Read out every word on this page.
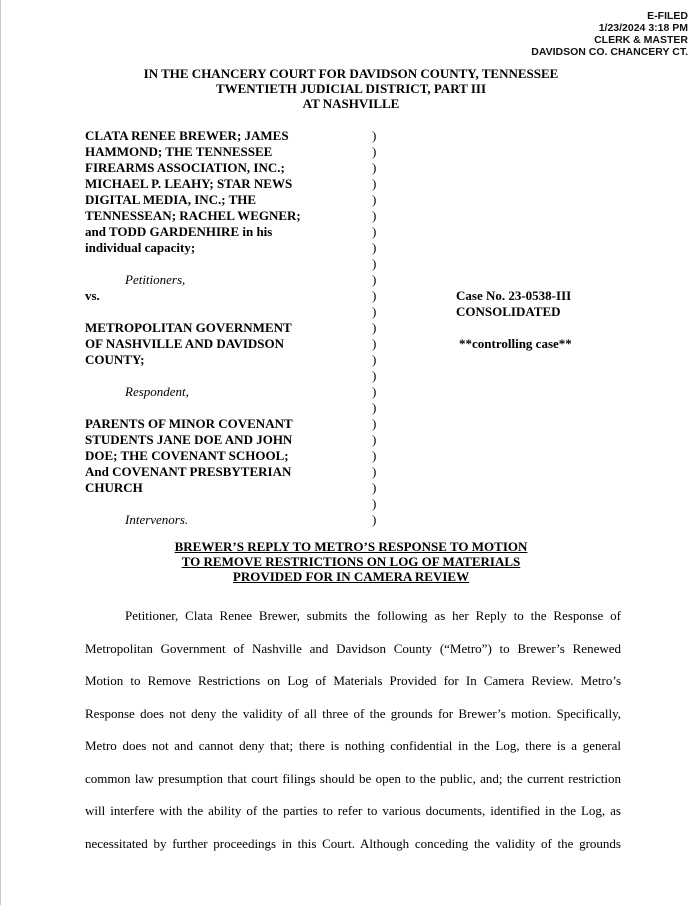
E-FILED
1/23/2024 3:18 PM
CLERK & MASTER
DAVIDSON CO. CHANCERY CT.
IN THE CHANCERY COURT FOR DAVIDSON COUNTY, TENNESSEE
TWENTIETH JUDICIAL DISTRICT, PART III
AT NASHVILLE
CLATA RENEE BREWER; JAMES
HAMMOND; THE TENNESSEE
FIREARMS ASSOCIATION, INC.;
MICHAEL P. LEAHY; STAR NEWS
DIGITAL MEDIA, INC.; THE
TENNESSEAN; RACHEL WEGNER;
and TODD GARDENHIRE in his
individual capacity;
Petitioners,
vs.
METROPOLITAN GOVERNMENT
OF NASHVILLE AND DAVIDSON
COUNTY;
Respondent,
PARENTS OF MINOR COVENANT
STUDENTS JANE DOE AND JOHN
DOE; THE COVENANT SCHOOL;
And COVENANT PRESBYTERIAN
CHURCH
Intervenors.
)
)
)
)
)
)
)
)
)
)
)
)
)
)
)
)
)
)
)
)
)
)
)
)
)
Case No. 23-0538-III
CONSOLIDATED
**controlling case**
BREWER’S REPLY TO METRO’S RESPONSE TO MOTION
TO REMOVE RESTRICTIONS ON LOG OF MATERIALS
PROVIDED FOR IN CAMERA REVIEW
Petitioner, Clata Renee Brewer, submits the following as her Reply to the Response of
Metropolitan Government of Nashville and Davidson County (“Metro”) to Brewer’s Renewed
Motion to Remove Restrictions on Log of Materials Provided for In Camera Review. Metro’s
Response does not deny the validity of all three of the grounds for Brewer’s motion. Specifically,
Metro does not and cannot deny that; there is nothing confidential in the Log, there is a general
common law presumption that court filings should be open to the public, and; the current restriction
will interfere with the ability of the parties to refer to various documents, identified in the Log, as
necessitated by further proceedings in this Court. Although conceding the validity of the grounds
